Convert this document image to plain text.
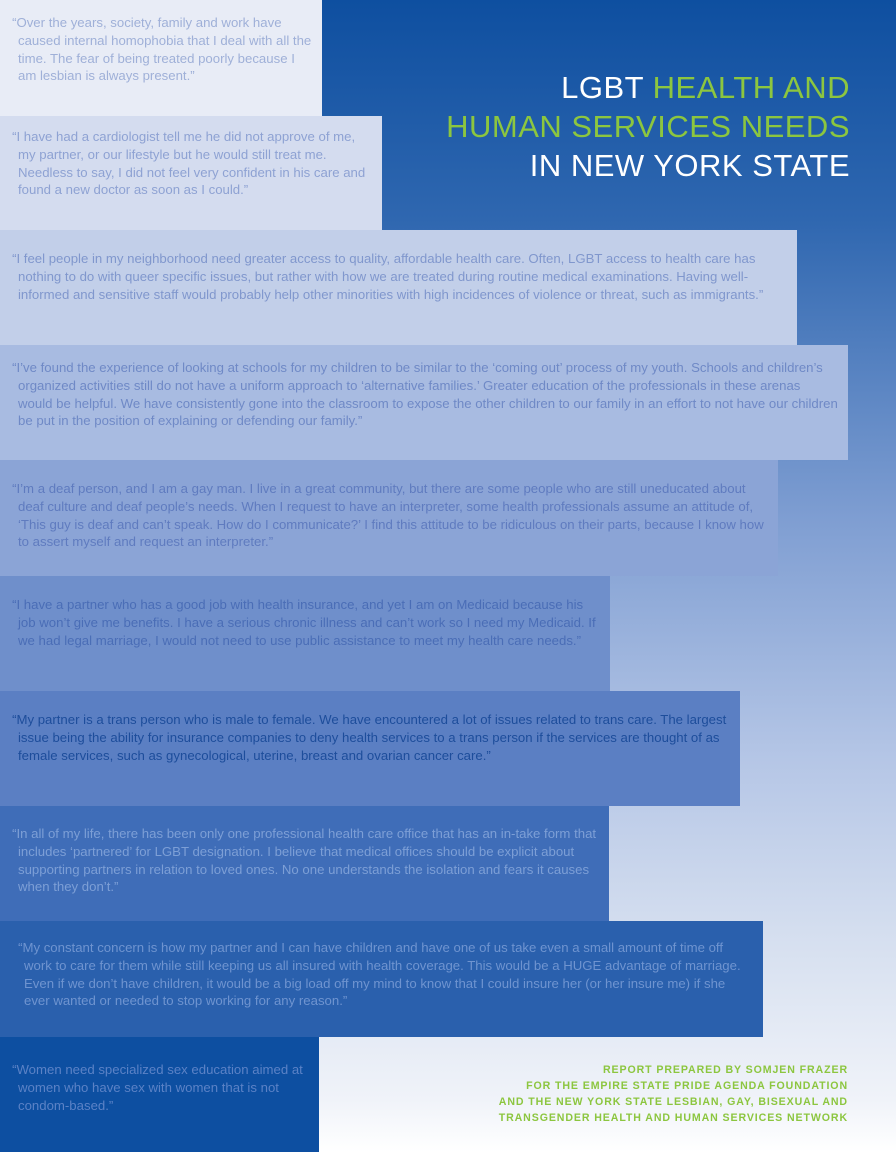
LGBT HEALTH AND
HUMAN SERVICES NEEDS
IN NEW YORK STATE

“Over the years, society, family and work have caused internal homophobia that I deal with all the time. The fear of being treated poorly because I am lesbian is always present.”

“I have had a cardiologist tell me he did not approve of me, my partner, or our lifestyle but he would still treat me. Needless to say, I did not feel very confident in his care and found a new doctor as soon as I could.”

“I feel people in my neighborhood need greater access to quality, affordable health care. Often, LGBT access to health care has nothing to do with queer specific issues, but rather with how we are treated during routine medical examinations. Having well-informed and sensitive staff would probably help other minorities with high incidences of violence or threat, such as immigrants.”

“I’ve found the experience of looking at schools for my children to be similar to the ‘coming out’ process of my youth. Schools and children’s organized activities still do not have a uniform approach to ‘alternative families.’ Greater education of the professionals in these arenas would be helpful. We have consistently gone into the classroom to expose the other children to our family in an effort to not have our children be put in the position of explaining or defending our family.”

“I’m a deaf person, and I am a gay man. I live in a great community, but there are some people who are still uneducated about deaf culture and deaf people’s needs. When I request to have an interpreter, some health professionals assume an attitude of, ‘This guy is deaf and can’t speak. How do I communicate?’ I find this attitude to be ridiculous on their parts, because I know how to assert myself and request an interpreter.”

“I have a partner who has a good job with health insurance, and yet I am on Medicaid because his job won’t give me benefits. I have a serious chronic illness and can’t work so I need my Medicaid. If we had legal marriage, I would not need to use public assistance to meet my health care needs.”

“My partner is a trans person who is male to female. We have encountered a lot of issues related to trans care. The largest issue being the ability for insurance companies to deny health services to a trans person if the services are thought of as female services, such as gynecological, uterine, breast and ovarian cancer care.”

“In all of my life, there has been only one professional health care office that has an in-take form that includes ‘partnered’ for LGBT designation. I believe that medical offices should be explicit about supporting partners in relation to loved ones. No one understands the isolation and fears it causes when they don’t.”

“My constant concern is how my partner and I can have children and have one of us take even a small amount of time off work to care for them while still keeping us all insured with health coverage. This would be a HUGE advantage of marriage. Even if we don’t have children, it would be a big load off my mind to know that I could insure her (or her insure me) if she ever wanted or needed to stop working for any reason.”

“Women need specialized sex education aimed at women who have sex with women that is not condom-based.”

REPORT PREPARED BY SOMJEN FRAZER
FOR THE EMPIRE STATE PRIDE AGENDA FOUNDATION
AND THE NEW YORK STATE LESBIAN, GAY, BISEXUAL AND
TRANSGENDER HEALTH AND HUMAN SERVICES NETWORK
